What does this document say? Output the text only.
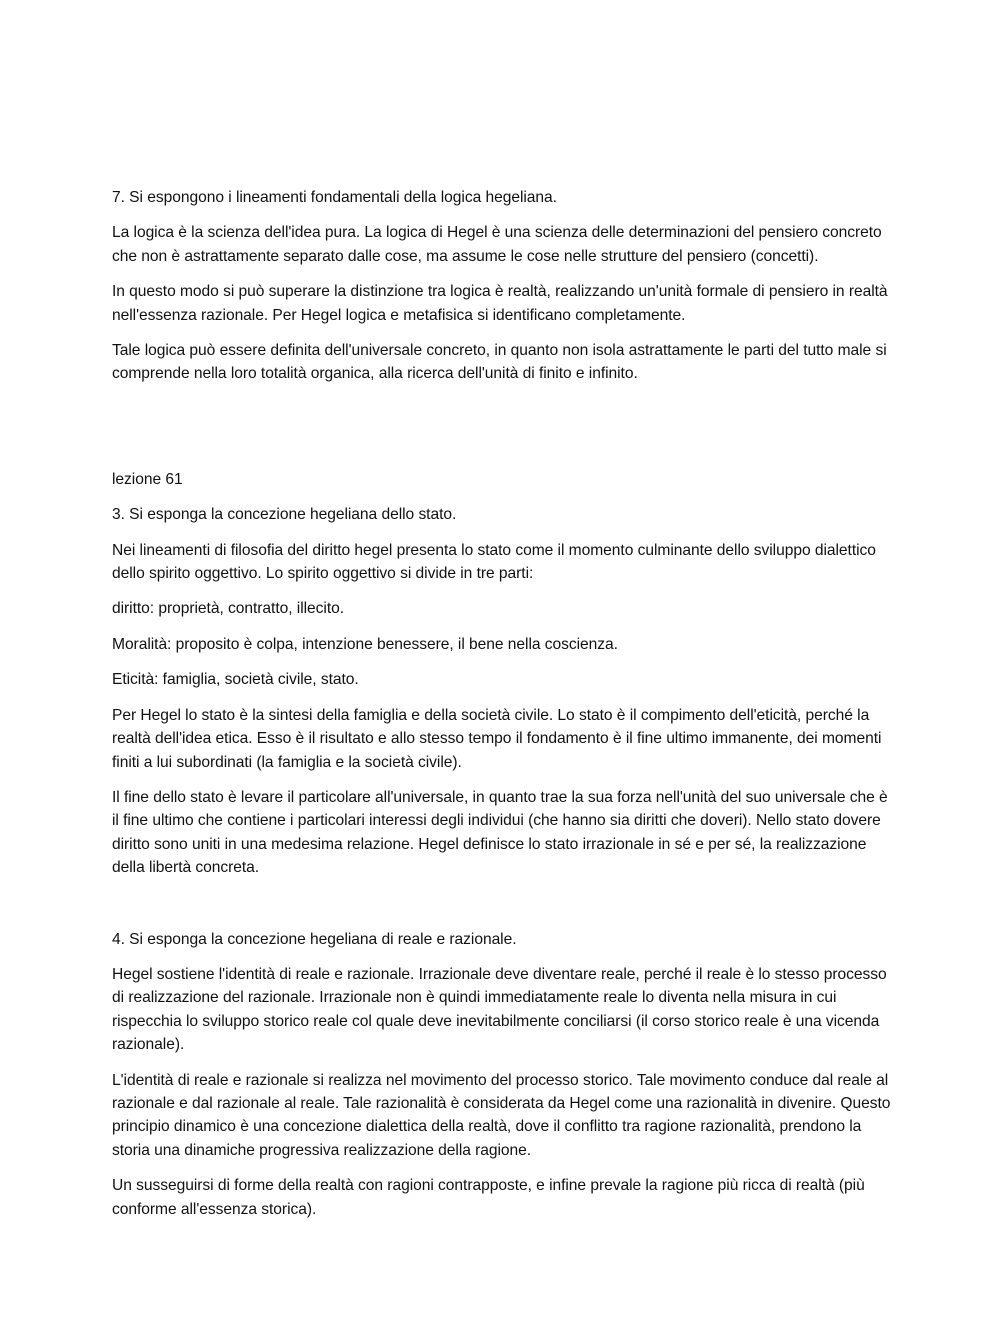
7. Si espongono i lineamenti fondamentali della logica hegeliana.

La logica è la scienza dell'idea pura. La logica di Hegel è una scienza delle determinazioni del pensiero concreto che non è astrattamente separato dalle cose, ma assume le cose nelle strutture del pensiero (concetti).

In questo modo si può superare la distinzione tra logica è realtà, realizzando un'unità formale di pensiero in realtà nell'essenza razionale. Per Hegel logica e metafisica si identificano completamente.

Tale logica può essere definita dell'universale concreto, in quanto non isola astrattamente le parti del tutto male si comprende nella loro totalità organica, alla ricerca dell'unità di finito e infinito.

lezione 61

3. Si esponga la concezione hegeliana dello stato.

Nei lineamenti di filosofia del diritto hegel presenta lo stato come il momento culminante dello sviluppo dialettico dello spirito oggettivo. Lo spirito oggettivo si divide in tre parti:

diritto: proprietà, contratto, illecito.

Moralità: proposito è colpa, intenzione benessere, il bene nella coscienza.

Eticità: famiglia, società civile, stato.

Per Hegel lo stato è la sintesi della famiglia e della società civile. Lo stato è il compimento dell'eticità, perché la realtà dell'idea etica. Esso è il risultato e allo stesso tempo il fondamento è il fine ultimo immanente, dei momenti finiti a lui subordinati (la famiglia e la società civile).

Il fine dello stato è levare il particolare all'universale, in quanto trae la sua forza nell'unità del suo universale che è il fine ultimo che contiene i particolari interessi degli individui (che hanno sia diritti che doveri). Nello stato dovere diritto sono uniti in una medesima relazione. Hegel definisce lo stato irrazionale in sé e per sé, la realizzazione della libertà concreta.

4. Si esponga la concezione hegeliana di reale e razionale.

Hegel sostiene l'identità di reale e razionale. Irrazionale deve diventare reale, perché il reale è lo stesso processo di realizzazione del razionale. Irrazionale non è quindi immediatamente reale lo diventa nella misura in cui rispecchia lo sviluppo storico reale col quale deve inevitabilmente conciliarsi (il corso storico reale è una vicenda razionale).

L'identità di reale e razionale si realizza nel movimento del processo storico. Tale movimento conduce dal reale al razionale e dal razionale al reale. Tale razionalità è considerata da Hegel come una razionalità in divenire. Questo principio dinamico è una concezione dialettica della realtà, dove il conflitto tra ragione razionalità, prendono la storia una dinamiche progressiva realizzazione della ragione.

Un susseguirsi di forme della realtà con ragioni contrapposte, e infine prevale la ragione più ricca di realtà (più conforme all'essenza storica).
